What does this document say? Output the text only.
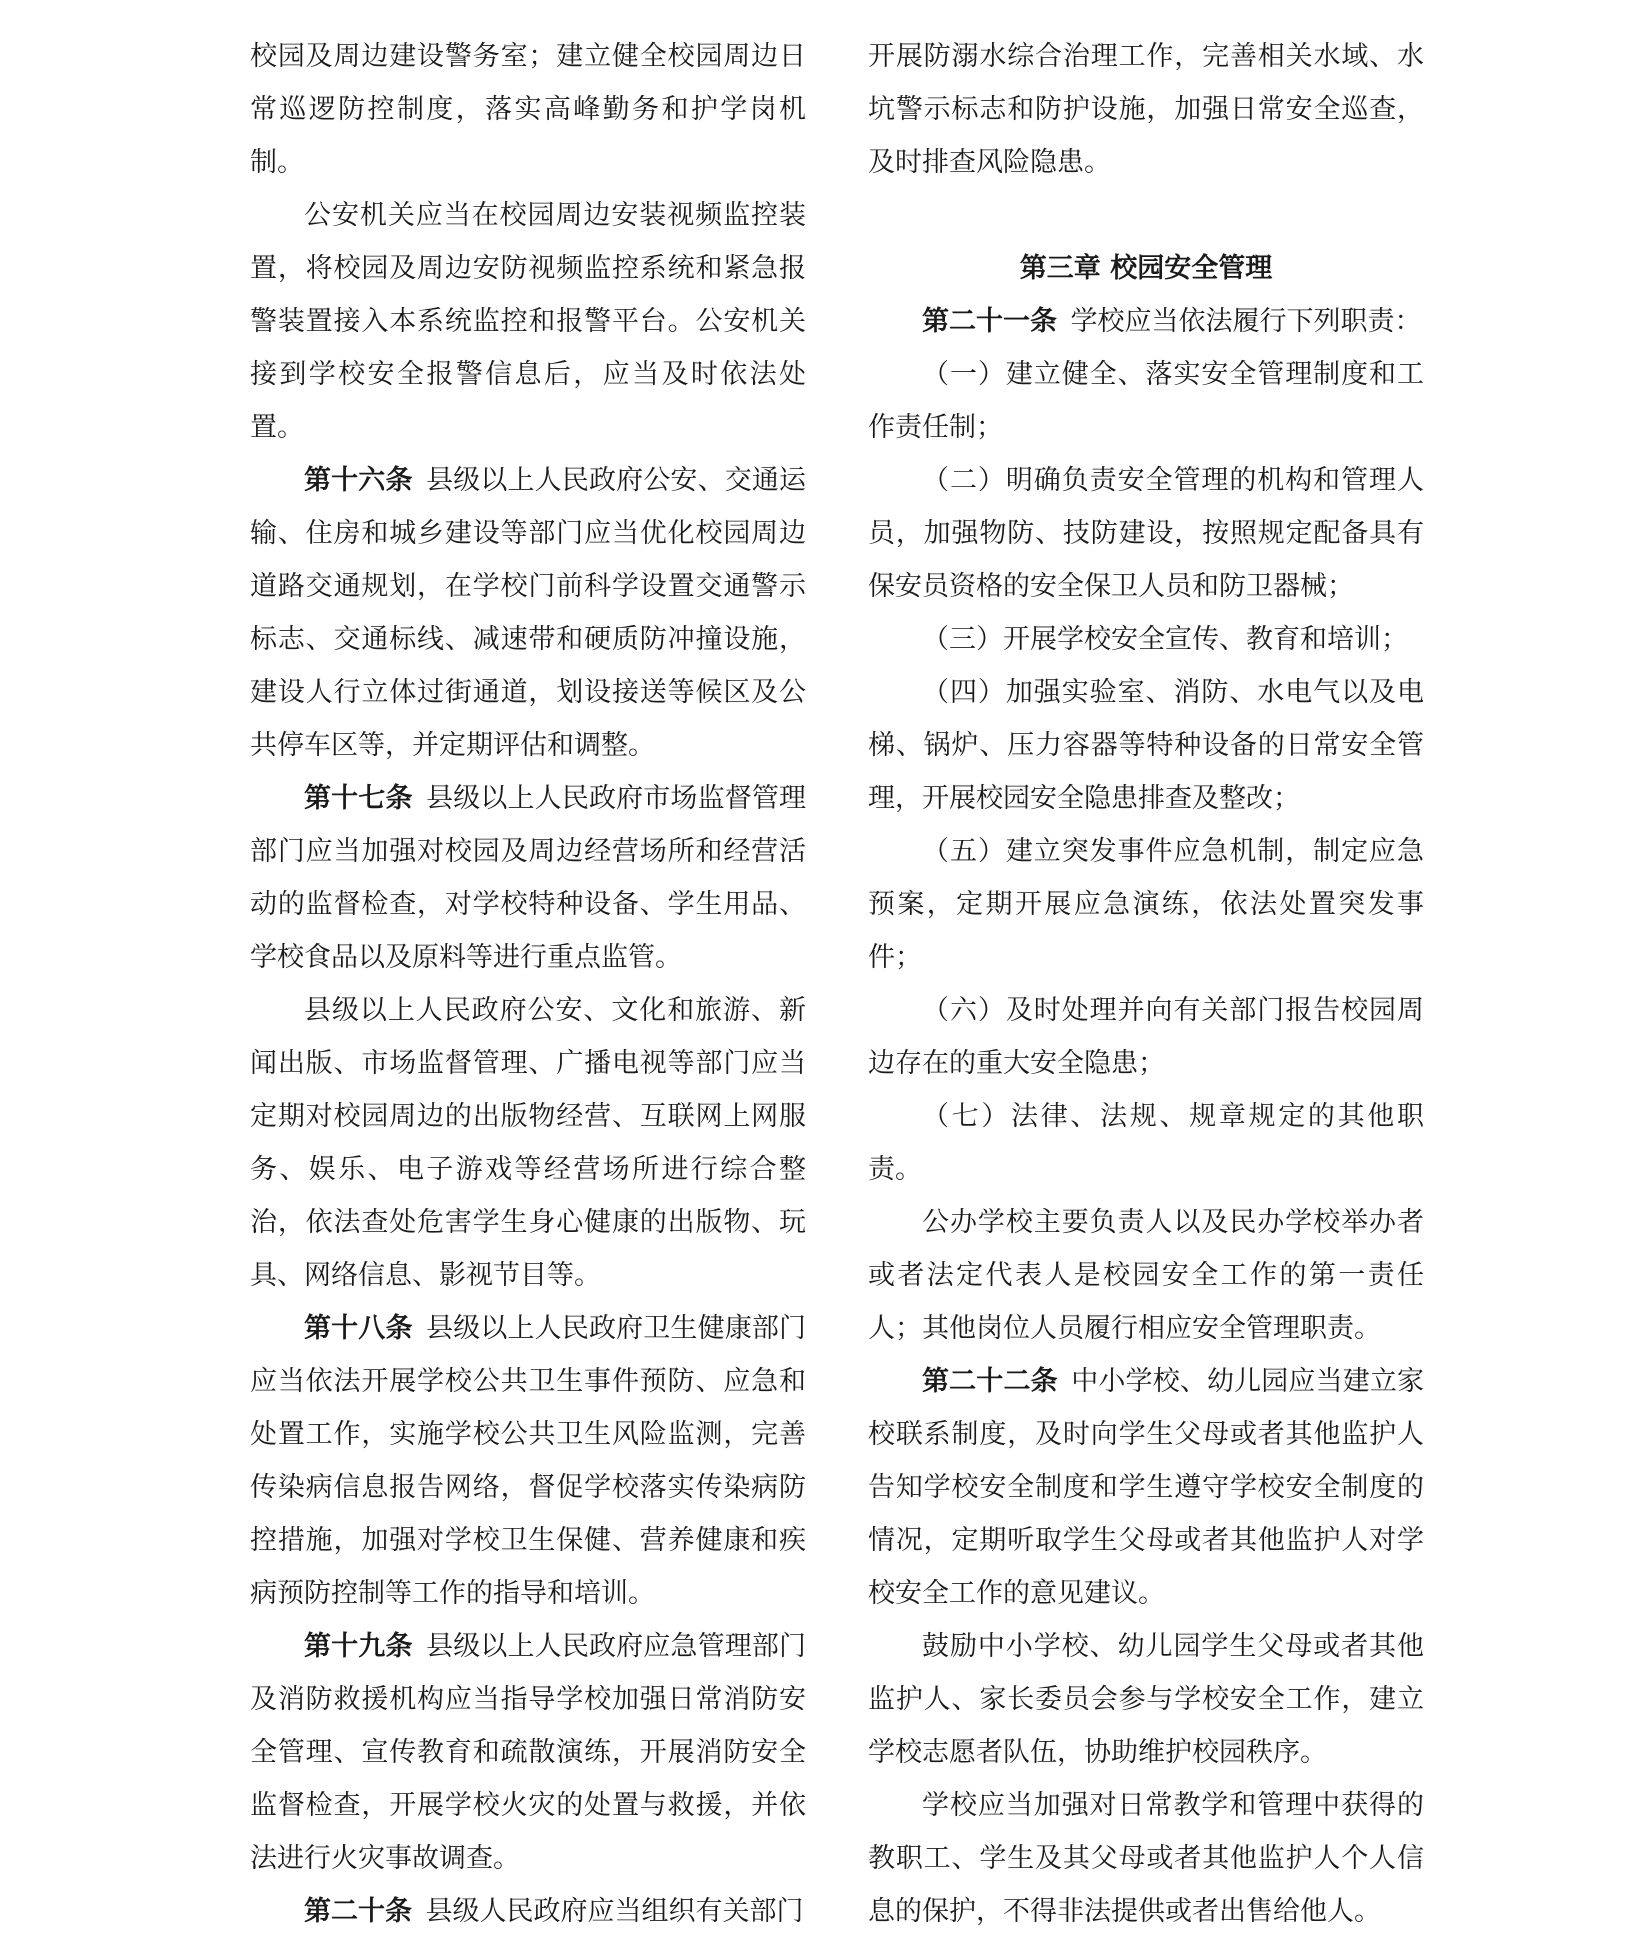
校园及周边建设警务室；建立健全校园周边日常巡逻防控制度，落实高峰勤务和护学岗机制。

公安机关应当在校园周边安装视频监控装置，将校园及周边安防视频监控系统和紧急报警装置接入本系统监控和报警平台。公安机关接到学校安全报警信息后，应当及时依法处置。

第十六条 县级以上人民政府公安、交通运输、住房和城乡建设等部门应当优化校园周边道路交通规划，在学校门前科学设置交通警示标志、交通标线、减速带和硬质防冲撞设施，建设人行立体过街通道，划设接送等候区及公共停车区等，并定期评估和调整。

第十七条 县级以上人民政府市场监督管理部门应当加强对校园及周边经营场所和经营活动的监督检查，对学校特种设备、学生用品、学校食品以及原料等进行重点监管。

县级以上人民政府公安、文化和旅游、新闻出版、市场监督管理、广播电视等部门应当定期对校园周边的出版物经营、互联网上网服务、娱乐、电子游戏等经营场所进行综合整治，依法查处危害学生身心健康的出版物、玩具、网络信息、影视节目等。

第十八条 县级以上人民政府卫生健康部门应当依法开展学校公共卫生事件预防、应急和处置工作，实施学校公共卫生风险监测，完善传染病信息报告网络，督促学校落实传染病防控措施，加强对学校卫生保健、营养健康和疾病预防控制等工作的指导和培训。

第十九条 县级以上人民政府应急管理部门及消防救援机构应当指导学校加强日常消防安全管理、宣传教育和疏散演练，开展消防安全监督检查，开展学校火灾的处置与救援，并依法进行火灾事故调查。

第二十条 县级人民政府应当组织有关部门

开展防溺水综合治理工作，完善相关水域、水坑警示标志和防护设施，加强日常安全巡查，及时排查风险隐患。

第三章 校园安全管理

第二十一条 学校应当依法履行下列职责：

（一）建立健全、落实安全管理制度和工作责任制；

（二）明确负责安全管理的机构和管理人员，加强物防、技防建设，按照规定配备具有保安员资格的安全保卫人员和防卫器械；

（三）开展学校安全宣传、教育和培训；

（四）加强实验室、消防、水电气以及电梯、锅炉、压力容器等特种设备的日常安全管理，开展校园安全隐患排查及整改；

（五）建立突发事件应急机制，制定应急预案，定期开展应急演练，依法处置突发事件；

（六）及时处理并向有关部门报告校园周边存在的重大安全隐患；

（七）法律、法规、规章规定的其他职责。

公办学校主要负责人以及民办学校举办者或者法定代表人是校园安全工作的第一责任人；其他岗位人员履行相应安全管理职责。

第二十二条 中小学校、幼儿园应当建立家校联系制度，及时向学生父母或者其他监护人告知学校安全制度和学生遵守学校安全制度的情况，定期听取学生父母或者其他监护人对学校安全工作的意见建议。

鼓励中小学校、幼儿园学生父母或者其他监护人、家长委员会参与学校安全工作，建立学校志愿者队伍，协助维护校园秩序。

学校应当加强对日常教学和管理中获得的教职工、学生及其父母或者其他监护人个人信息的保护，不得非法提供或者出售给他人。
